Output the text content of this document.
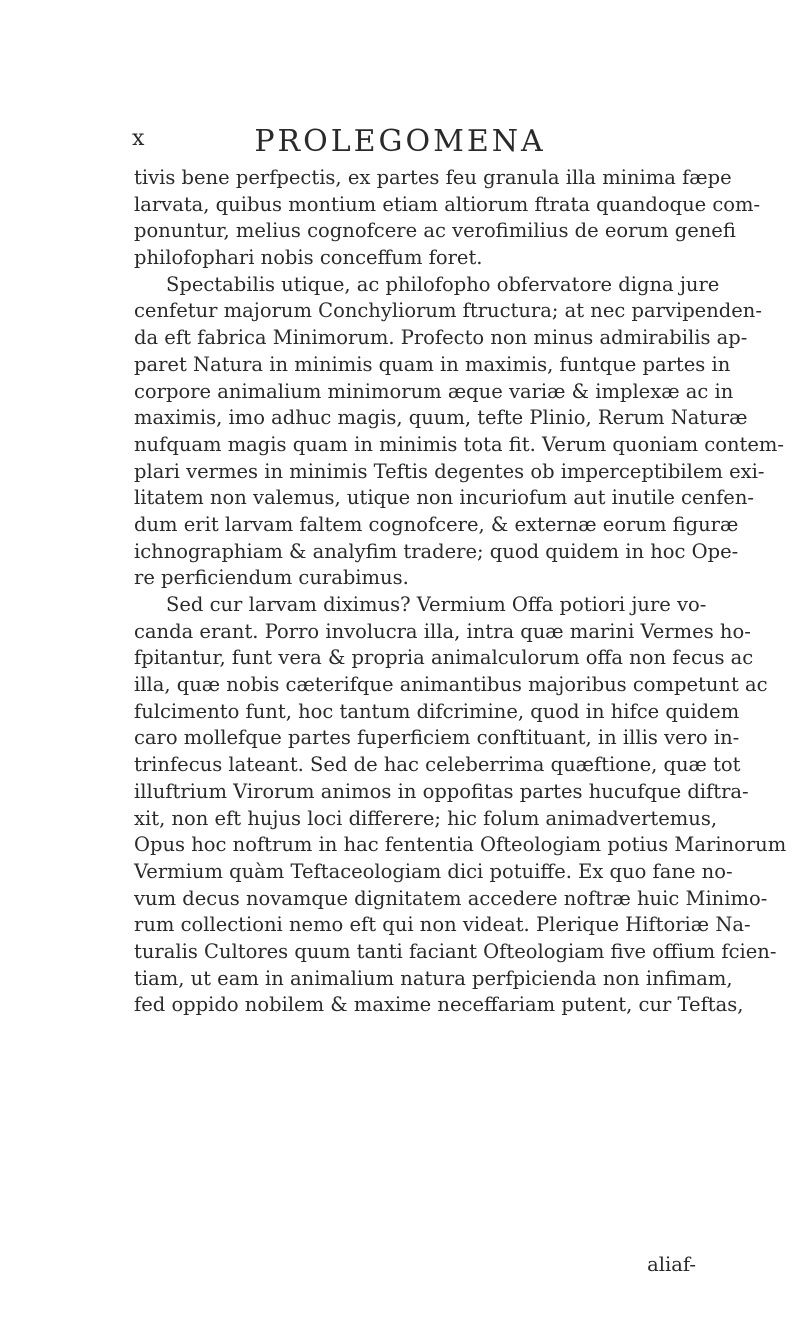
x	PROLEGOMENA
tivis bene perfpectis, ex partes feu granula illa minima fæpe
larvata, quibus montium etiam altiorum ftrata quandoque com-
ponuntur, melius cognofcere ac verofimilius de eorum genefi
philofophari nobis conceffum foret.
Spectabilis utique, ac philofopho obfervatore digna jure
cenfetur majorum Conchyliorum ftructura; at nec parvipenden-
da eft fabrica Minimorum. Profecto non minus admirabilis ap-
paret Natura in minimis quam in maximis, funtque partes in
corpore animalium minimorum æque variæ & implexæ ac in
maximis, imo adhuc magis, quum, tefte Plinio, Rerum Naturæ
nufquam magis quam in minimis tota fit. Verum quoniam contem-
plari vermes in minimis Teftis degentes ob imperceptibilem exi-
litatem non valemus, utique non incuriofum aut inutile cenfen-
dum erit larvam faltem cognofcere, & externæ eorum figuræ
ichnographiam & analyfim tradere; quod quidem in hoc Ope-
re perficiendum curabimus.
Sed cur larvam diximus? Vermium Offa potiori jure vo-
canda erant. Porro involucra illa, intra quæ marini Vermes ho-
fpitantur, funt vera & propria animalculorum offa non fecus ac
illa, quæ nobis cæterifque animantibus majoribus competunt ac
fulcimento funt, hoc tantum difcrimine, quod in hifce quidem
caro mollefque partes fuperficiem conftituant, in illis vero in-
trinfecus lateant. Sed de hac celeberrima quæftione, quæ tot
illuftrium Virorum animos in oppofitas partes hucufque diftra-
xit, non eft hujus loci differere; hic folum animadvertemus,
Opus hoc noftrum in hac fententia Ofteologiam potius Marinorum
Vermium quàm Teftaceologiam dici potuiffe. Ex quo fane no-
vum decus novamque dignitatem accedere noftræ huic Minimo-
rum collectioni nemo eft qui non videat. Plerique Hiftoriæ Na-
turalis Cultores quum tanti faciant Ofteologiam five offium fcien-
tiam, ut eam in animalium natura perfpicienda non infimam,
fed oppido nobilem & maxime neceffariam putent, cur Teftas,
aliaf-
